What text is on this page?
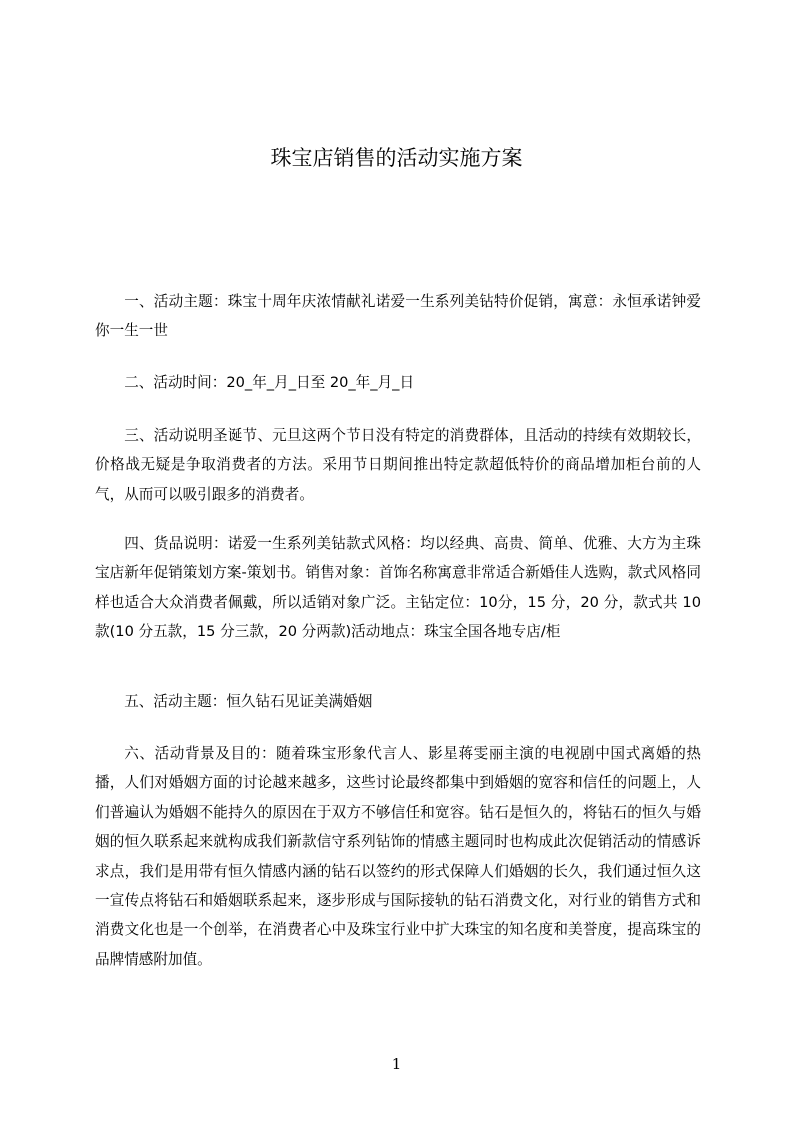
珠宝店销售的活动实施方案

一、活动主题：珠宝十周年庆浓情献礼诺爱一生系列美钻特价促销，寓意：永恒承诺钟爱你一生一世

二、活动时间：20_年_月_日至 20_年_月_日

三、活动说明圣诞节、元旦这两个节日没有特定的消费群体，且活动的持续有效期较长，价格战无疑是争取消费者的方法。采用节日期间推出特定款超低特价的商品增加柜台前的人气，从而可以吸引跟多的消费者。

四、货品说明：诺爱一生系列美钻款式风格：均以经典、高贵、简单、优雅、大方为主珠宝店新年促销策划方案-策划书。销售对象：首饰名称寓意非常适合新婚佳人选购，款式风格同样也适合大众消费者佩戴，所以适销对象广泛。主钻定位：10分，15 分，20 分，款式共 10 款(10 分五款，15 分三款，20 分两款)活动地点：珠宝全国各地专店/柜

五、活动主题：恒久钻石见证美满婚姻

六、活动背景及目的：随着珠宝形象代言人、影星蒋雯丽主演的电视剧中国式离婚的热播，人们对婚姻方面的讨论越来越多，这些讨论最终都集中到婚姻的宽容和信任的问题上，人们普遍认为婚姻不能持久的原因在于双方不够信任和宽容。钻石是恒久的，将钻石的恒久与婚姻的恒久联系起来就构成我们新款信守系列钻饰的情感主题同时也构成此次促销活动的情感诉求点，我们是用带有恒久情感内涵的钻石以签约的形式保障人们婚姻的长久，我们通过恒久这一宣传点将钻石和婚姻联系起来，逐步形成与国际接轨的钻石消费文化，对行业的销售方式和消费文化也是一个创举，在消费者心中及珠宝行业中扩大珠宝的知名度和美誉度，提高珠宝的品牌情感附加值。

1
